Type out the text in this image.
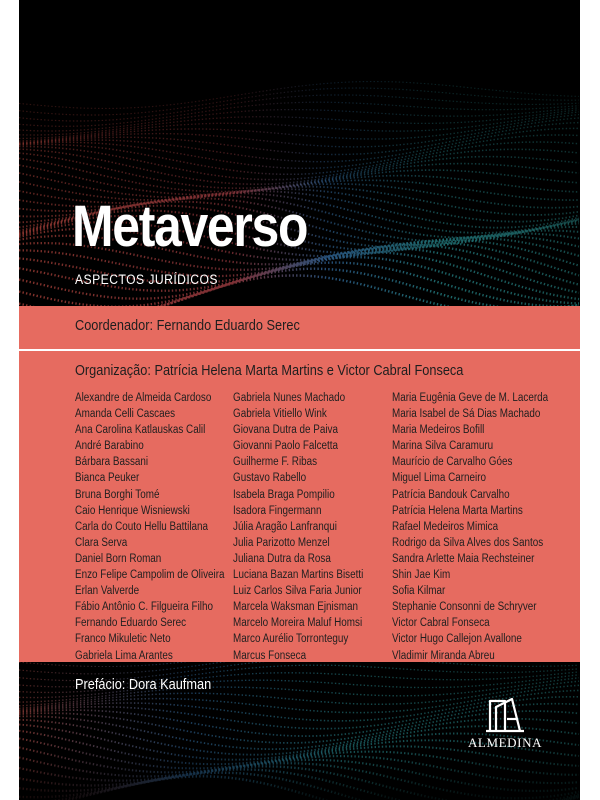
Metaverso
ASPECTOS JURÍDICOS
Coordenador: Fernando Eduardo Serec
Organização: Patrícia Helena Marta Martins e Victor Cabral Fonseca
Alexandre de Almeida Cardoso
Amanda Celli Cascaes
Ana Carolina Katlauskas Calil
André Barabino
Bárbara Bassani
Bianca Peuker
Bruna Borghi Tomé
Caio Henrique Wisniewski
Carla do Couto Hellu Battilana
Clara Serva
Daniel Born Roman
Enzo Felipe Campolim de Oliveira
Erlan Valverde
Fábio Antônio C. Filgueira Filho
Fernando Eduardo Serec
Franco Mikuletic Neto
Gabriela Lima Arantes
Gabriela Nunes Machado
Gabriela Vitiello Wink
Giovana Dutra de Paiva
Giovanni Paolo Falcetta
Guilherme F. Ribas
Gustavo Rabello
Isabela Braga Pompilio
Isadora Fingermann
Júlia Aragão Lanfranqui
Julia Parizotto Menzel
Juliana Dutra da Rosa
Luciana Bazan Martins Bisetti
Luiz Carlos Silva Faria Junior
Marcela Waksman Ejnisman
Marcelo Moreira Maluf Homsi
Marco Aurélio Torronteguy
Marcus Fonseca
Maria Eugênia Geve de M. Lacerda
Maria Isabel de Sá Dias Machado
Maria Medeiros Bofill
Marina Silva Caramuru
Maurício de Carvalho Góes
Miguel Lima Carneiro
Patrícia Bandouk Carvalho
Patrícia Helena Marta Martins
Rafael Medeiros Mimica
Rodrigo da Silva Alves dos Santos
Sandra Arlette Maia Rechsteiner
Shin Jae Kim
Sofia Kilmar
Stephanie Consonni de Schryver
Victor Cabral Fonseca
Victor Hugo Callejon Avallone
Vladimir Miranda Abreu
Prefácio: Dora Kaufman
ALMEDINA
